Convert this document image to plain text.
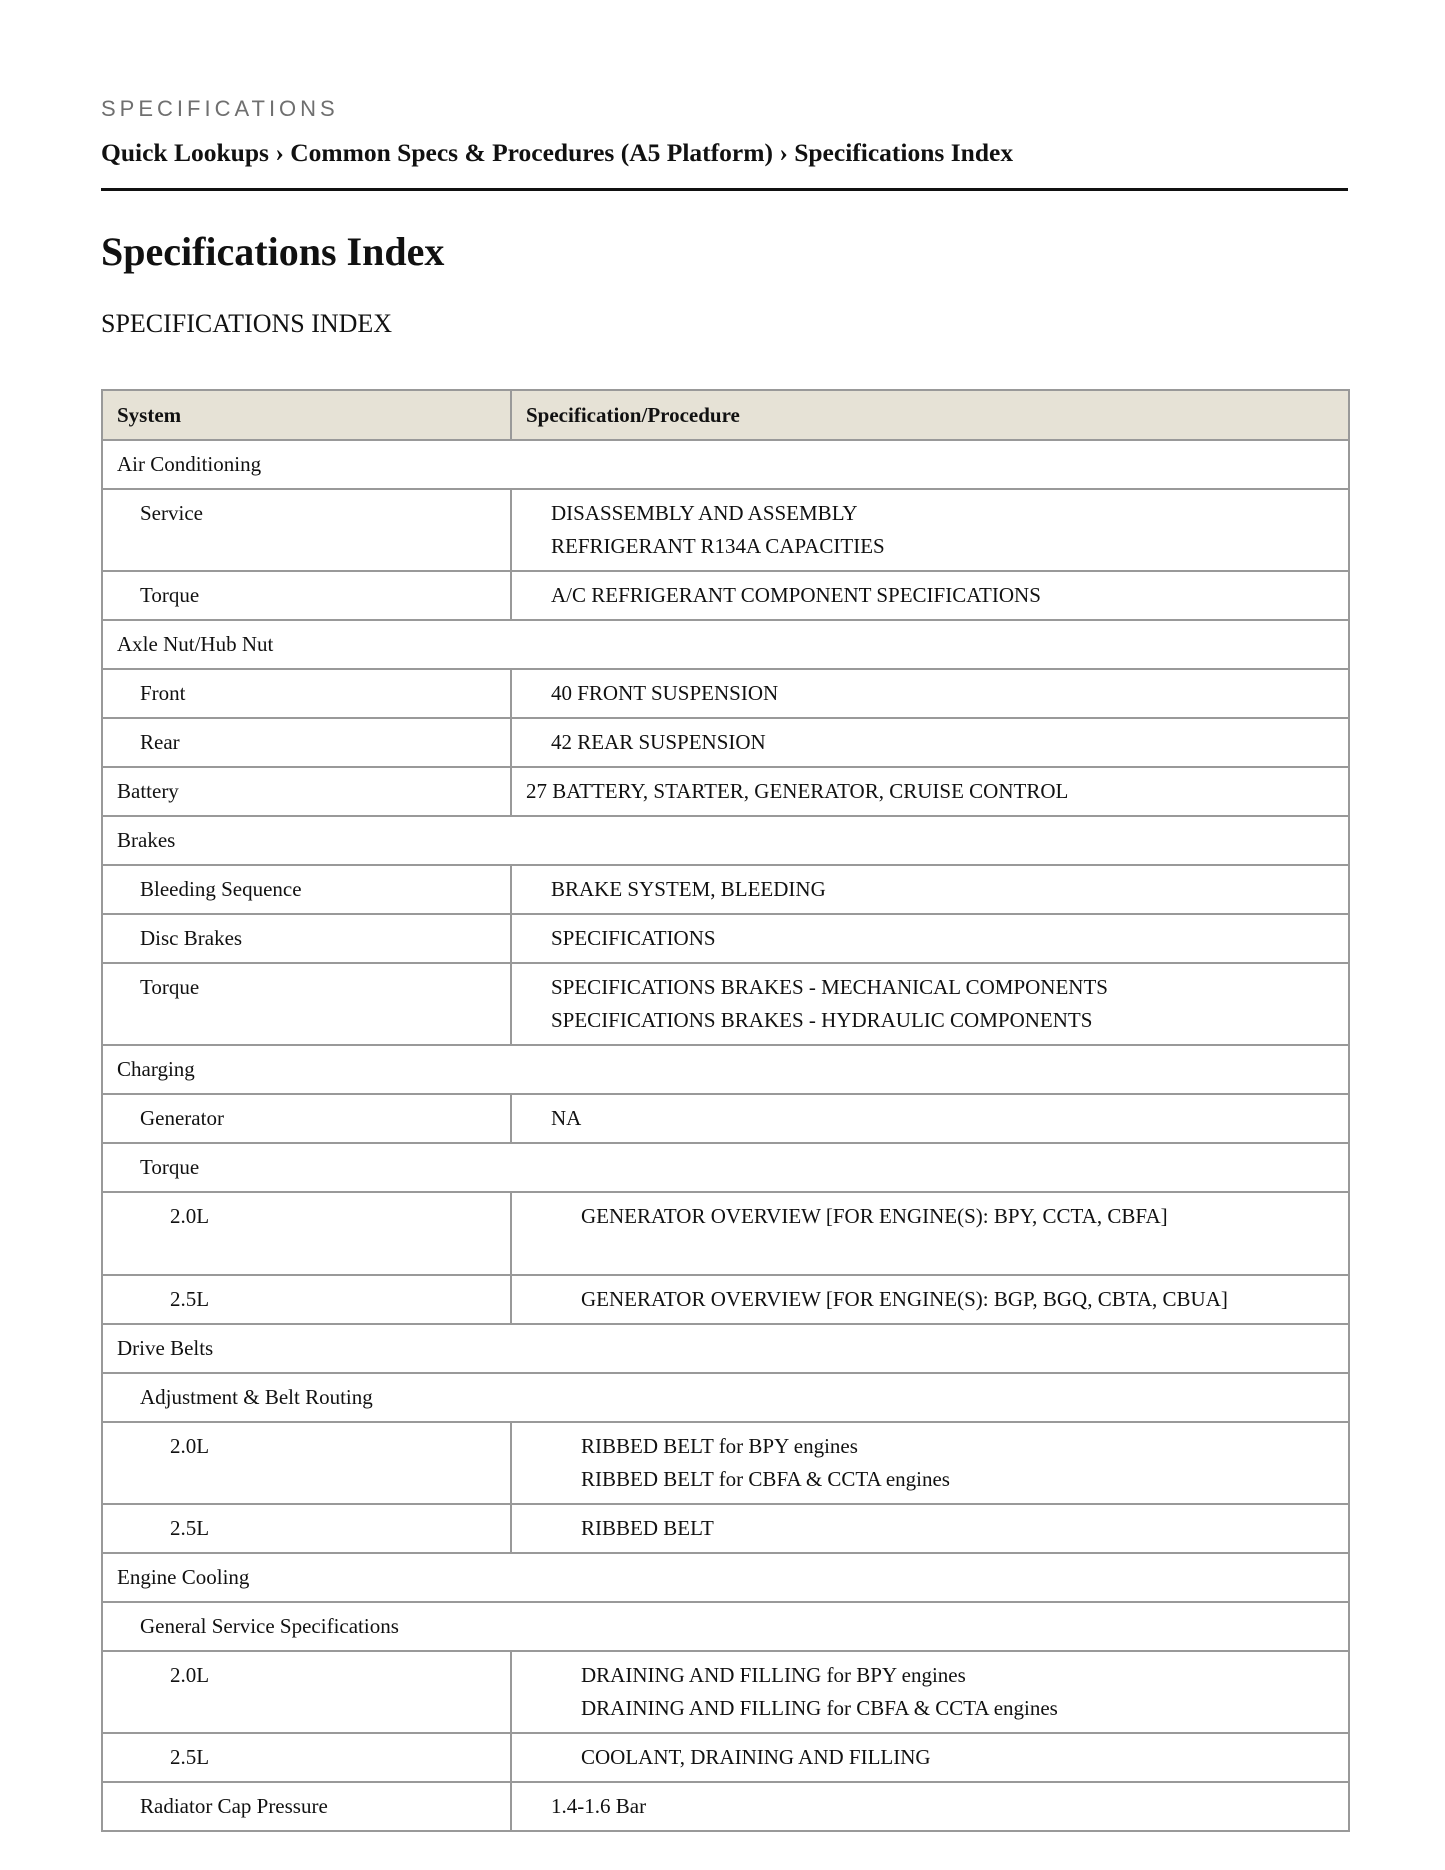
SPECIFICATIONS
Quick Lookups › Common Specs & Procedures (A5 Platform) › Specifications Index
Specifications Index
SPECIFICATIONS INDEX
System	Specification/Procedure

Air Conditioning	

Service	DISASSEMBLY AND ASSEMBLY
REFRIGERANT R134A CAPACITIES

Torque	A/C REFRIGERANT COMPONENT SPECIFICATIONS

Axle Nut/Hub Nut	

Front	40 FRONT SUSPENSION

Rear	42 REAR SUSPENSION

Battery	27 BATTERY, STARTER, GENERATOR, CRUISE CONTROL

Brakes	

Bleeding Sequence	BRAKE SYSTEM, BLEEDING

Disc Brakes	SPECIFICATIONS

Torque	SPECIFICATIONS BRAKES - MECHANICAL COMPONENTS
SPECIFICATIONS BRAKES - HYDRAULIC COMPONENTS

Charging	

Generator	NA

Torque	

2.0L	GENERATOR OVERVIEW [FOR ENGINE(S): BPY, CCTA, CBFA]

2.5L	GENERATOR OVERVIEW [FOR ENGINE(S): BGP, BGQ, CBTA, CBUA]

Drive Belts	

Adjustment & Belt Routing	

2.0L	RIBBED BELT for BPY engines
RIBBED BELT for CBFA & CCTA engines

2.5L	RIBBED BELT

Engine Cooling	

General Service Specifications	

2.0L	DRAINING AND FILLING for BPY engines
DRAINING AND FILLING for CBFA & CCTA engines

2.5L	COOLANT, DRAINING AND FILLING

Radiator Cap Pressure	1.4-1.6 Bar
